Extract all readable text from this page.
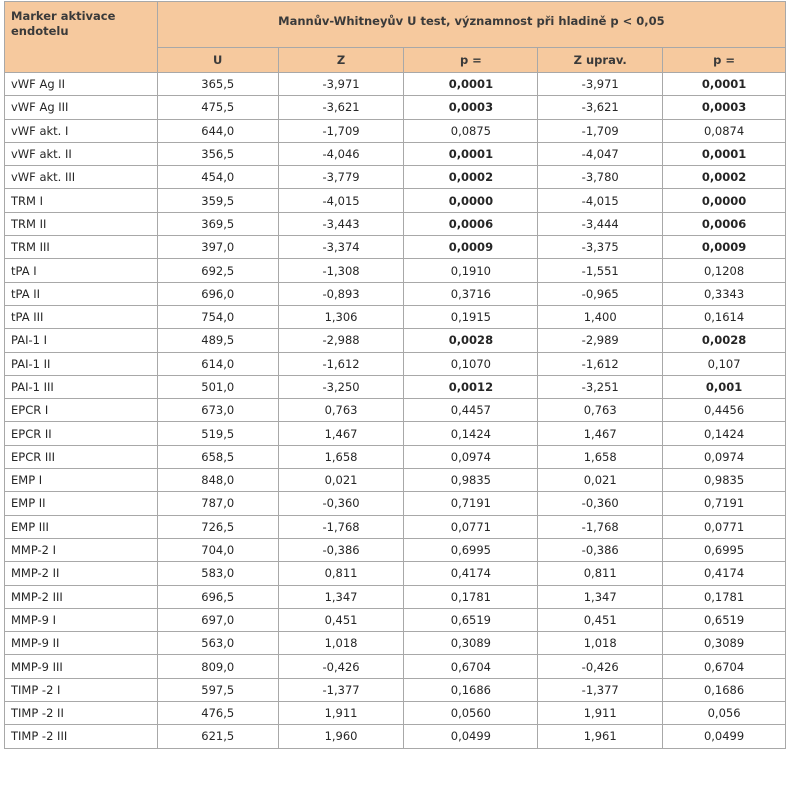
Marker aktivace endotelu	Mannův-Whitneyův U test, významnost při hladině p < 0,05				
	U	Z	p =	Z uprav.	p =
vWF Ag II	365,5	-3,971	0,0001	-3,971	0,0001
vWF Ag III	475,5	-3,621	0,0003	-3,621	0,0003
vWF akt. I	644,0	-1,709	0,0875	-1,709	0,0874
vWF akt. II	356,5	-4,046	0,0001	-4,047	0,0001
vWF akt. III	454,0	-3,779	0,0002	-3,780	0,0002
TRM I	359,5	-4,015	0,0000	-4,015	0,0000
TRM II	369,5	-3,443	0,0006	-3,444	0,0006
TRM III	397,0	-3,374	0,0009	-3,375	0,0009
tPA I	692,5	-1,308	0,1910	-1,551	0,1208
tPA II	696,0	-0,893	0,3716	-0,965	0,3343
tPA III	754,0	1,306	0,1915	1,400	0,1614
PAI-1 I	489,5	-2,988	0,0028	-2,989	0,0028
PAI-1 II	614,0	-1,612	0,1070	-1,612	0,107
PAI-1 III	501,0	-3,250	0,0012	-3,251	0,001
EPCR I	673,0	0,763	0,4457	0,763	0,4456
EPCR II	519,5	1,467	0,1424	1,467	0,1424
EPCR III	658,5	1,658	0,0974	1,658	0,0974
EMP I	848,0	0,021	0,9835	0,021	0,9835
EMP II	787,0	-0,360	0,7191	-0,360	0,7191
EMP III	726,5	-1,768	0,0771	-1,768	0,0771
MMP-2 I	704,0	-0,386	0,6995	-0,386	0,6995
MMP-2 II	583,0	0,811	0,4174	0,811	0,4174
MMP-2 III	696,5	1,347	0,1781	1,347	0,1781
MMP-9 I	697,0	0,451	0,6519	0,451	0,6519
MMP-9 II	563,0	1,018	0,3089	1,018	0,3089
MMP-9 III	809,0	-0,426	0,6704	-0,426	0,6704
TIMP -2 I	597,5	-1,377	0,1686	-1,377	0,1686
TIMP -2 II	476,5	1,911	0,0560	1,911	0,056
TIMP -2 III	621,5	1,960	0,0499	1,961	0,0499
